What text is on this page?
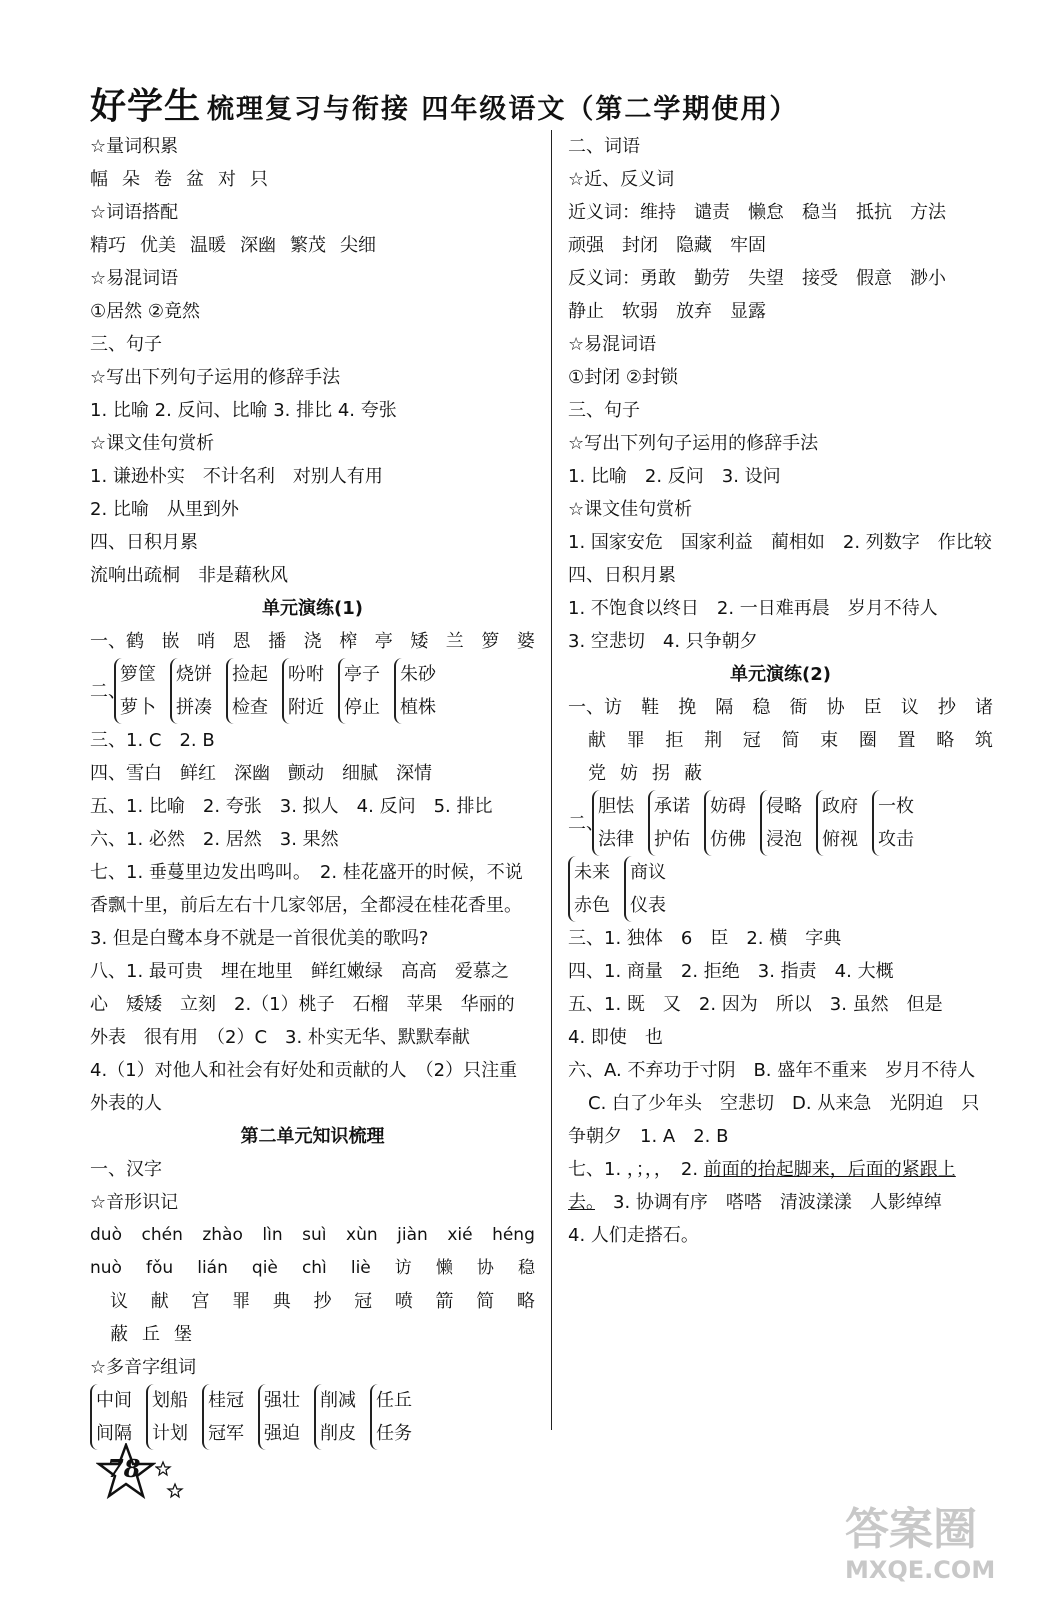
好学生 梳理复习与衔接 四年级语文（第二学期使用）
☆量词积累
幅 朵 卷 盆 对 只
☆词语搭配
精巧 优美 温暖 深幽 繁茂 尖细
☆易混词语
①居然 ②竟然
三、句子
☆写出下列句子运用的修辞手法
1. 比喻 2. 反问、比喻 3. 排比 4. 夸张
☆课文佳句赏析
1. 谦逊朴实　不计名利　对别人有用
2. 比喻　从里到外
四、日积月累
流响出疏桐　非是藉秋风
单元演练(1)
一、鹤 嵌 哨 恩 播 浇 榨 亭 矮 兰 箩 婆
二、
箩筐
萝卜
烧饼
拼凑
捡起
检查
吩咐
附近
亭子
停止
朱砂
植株
三、1. C　2. B
四、雪白　鲜红　深幽　颤动　细腻　深情
五、1. 比喻　2. 夸张　3. 拟人　4. 反问　5. 排比
六、1. 必然　2. 居然　3. 果然
七、1. 垂蔓里边发出鸣叫。　2. 桂花盛开的时候，不说
香飘十里，前后左右十几家邻居，全都浸在桂花香里。
3. 但是白鹭本身不就是一首很优美的歌吗?
八、1. 最可贵　埋在地里　鲜红嫩绿　高高　爱慕之
心　矮矮　立刻　2.（1）桃子　石榴　苹果　华丽的
外表　很有用　（2）C　3. 朴实无华、默默奉献
4.（1）对他人和社会有好处和贡献的人　（2）只注重
外表的人
第二单元知识梳理
一、汉字
☆音形识记
duò chén zhào lìn suì xùn jiàn xié héng
nuò fǒu lián qiè chì liè 访 懒 协 稳
议 献 宫 罪 典 抄 冠 喷 箭 简 略
蔽 丘 堡
☆多音字组词
中间
间隔
划船
计划
桂冠
冠军
强壮
强迫
削减
削皮
任丘
任务
二、词语
☆近、反义词
近义词：维持　谴责　懒怠　稳当　抵抗　方法
顽强　封闭　隐藏　牢固
反义词：勇敢　勤劳　失望　接受　假意　渺小
静止　软弱　放弃　显露
☆易混词语
①封闭 ②封锁
三、句子
☆写出下列句子运用的修辞手法
1. 比喻　2. 反问　3. 设问
☆课文佳句赏析
1. 国家安危　国家利益　蔺相如　2. 列数字　作比较
四、日积月累
1. 不饱食以终日　2. 一日难再晨　岁月不待人
3. 空悲切　4. 只争朝夕
单元演练(2)
一、访 鞋 挽 隔 稳 衙 协 臣 议 抄 诸
献 罪 拒 荆 冠 简 束 圈 置 略 筑
党 妨 拐 蔽
二、
胆怯
法律
承诺
护佑
妨碍
仿佛
侵略
浸泡
政府
俯视
一枚
攻击
未来
赤色
商议
仪表
三、1. 独体　6　臣　2. 横　字典
四、1. 商量　2. 拒绝　3. 指责　4. 大概
五、1. 既　又　2. 因为　所以　3. 虽然　但是
4. 即使　也
六、A. 不弃功于寸阴　B. 盛年不重来　岁月不待人
C. 白了少年头　空悲切　D. 从来急　光阴迫　只
争朝夕　1. A　2. B
七、1. ，；，，　2. 前面的抬起脚来，后面的紧跟上
去。　3. 协调有序　嗒嗒　清波漾漾　人影绰绰
4. 人们走搭石。
78
答案圈
MXQE.COM
